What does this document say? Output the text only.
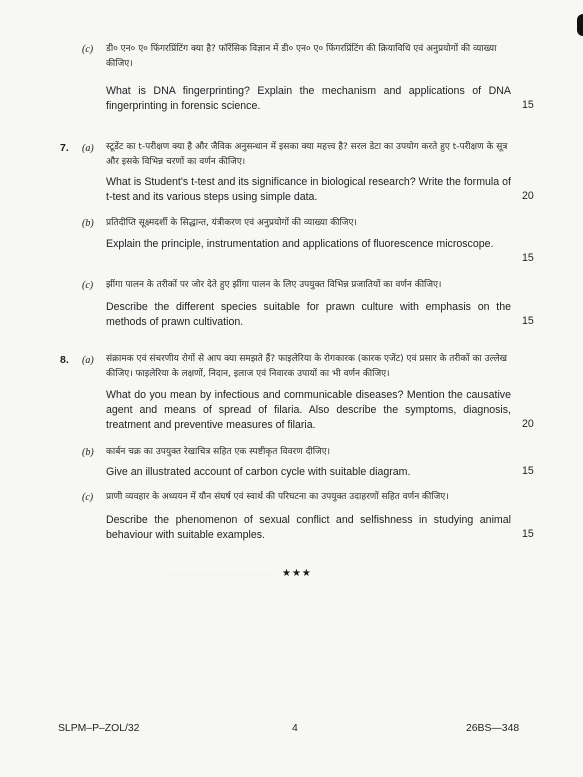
(c) डी० एन० ए० फिंगरप्रिंटिंग क्या है? फॉरेंसिक विज्ञान में डी० एन० ए० फिंगरप्रिंटिंग की क्रियाविधि एवं अनुप्रयोगों की व्याख्या कीजिए।
What is DNA fingerprinting? Explain the mechanism and applications of DNA fingerprinting in forensic science.	15
7. (a) स्टूडेंट का t-परीक्षण क्या है और जैविक अनुसन्धान में इसका क्या महत्त्व है? सरल डेटा का उपयोग करते हुए t-परीक्षण के सूत्र और इसके विभिन्न चरणों का वर्णन कीजिए।
What is Student's t-test and its significance in biological research? Write the formula of t-test and its various steps using simple data.	20
(b) प्रतिदीप्ति सूक्ष्मदर्शी के सिद्धान्त, यंत्रीकरण एवं अनुप्रयोगों की व्याख्या कीजिए।
Explain the principle, instrumentation and applications of fluorescence microscope.
15
(c) झींगा पालन के तरीकों पर जोर देते हुए झींगा पालन के लिए उपयुक्त विभिन्न प्रजातियों का वर्णन कीजिए।
Describe the different species suitable for prawn culture with emphasis on the methods of prawn cultivation.	15
8. (a) संक्रामक एवं संचरणीय रोगों से आप क्या समझते हैं? फाइलेरिया के रोगकारक (कारक एजेंट) एवं प्रसार के तरीकों का उल्लेख कीजिए। फाइलेरिया के लक्षणों, निदान, इलाज एवं निवारक उपायों का भी वर्णन कीजिए।
What do you mean by infectious and communicable diseases? Mention the causative agent and means of spread of filaria. Also describe the symptoms, diagnosis, treatment and preventive measures of filaria.	20
(b) कार्बन चक्र का उपयुक्त रेखाचित्र सहित एक स्पष्टीकृत विवरण दीजिए।
Give an illustrated account of carbon cycle with suitable diagram.	15
(c) प्राणी व्यवहार के अध्ययन में यौन संघर्ष एवं स्वार्थ की परिघटना का उपयुक्त उदाहरणों सहित वर्णन कीजिए।
Describe the phenomenon of sexual conflict and selfishness in studying animal behaviour with suitable examples.	15
★★★
SLPM–P–ZOL/32	4	26BS—348
